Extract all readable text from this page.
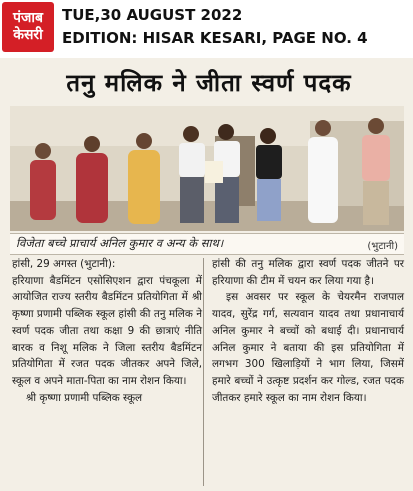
पंजाब
केसरी
TUE,30 AUGUST 2022
EDITION: HISAR KESARI, PAGE NO. 4
तनु मलिक ने जीता स्वर्ण पदक
विजेता बच्चे प्राचार्य अनिल कुमार व अन्य के साथ।	(भुटानी)

हांसी, 29 अगस्त (भुटानी):

हरियाणा बैडमिंटन एसोसिएशन द्वारा पंचकूला में आयोजित राज्य स्तरीय बैडमिंटन प्रतियोगिता में श्री कृष्णा प्रणामी पब्लिक स्कूल हांसी की तनु मलिक ने स्वर्ण पदक जीता तथा कक्षा 9 की छात्राएं नीति बारक व निशू मलिक ने जिला स्तरीय बैडमिंटन प्रतियोगिता में रजत पदक जीतकर अपने जिले, स्कूल व अपने माता-पिता का नाम रोशन किया।

श्री कृष्णा प्रणामी पब्लिक स्कूल

हांसी की तनु मलिक द्वारा स्वर्ण पदक जीतने पर हरियाणा की टीम में चयन कर लिया गया है।

इस अवसर पर स्कूल के चेयरमैन राजपाल यादव, सुरेंद्र गर्ग, सत्यवान यादव तथा प्रधानाचार्य अनिल कुमार ने बच्चों को बधाई दी। प्रधानाचार्य अनिल कुमार ने बताया की इस प्रतियोगिता में लगभग 300 खिलाड़ियों ने भाग लिया, जिसमें हमारे बच्चों ने उत्कृष्ट प्रदर्शन कर गोल्ड, रजत पदक जीतकर हमारे स्कूल का नाम रोशन किया।
